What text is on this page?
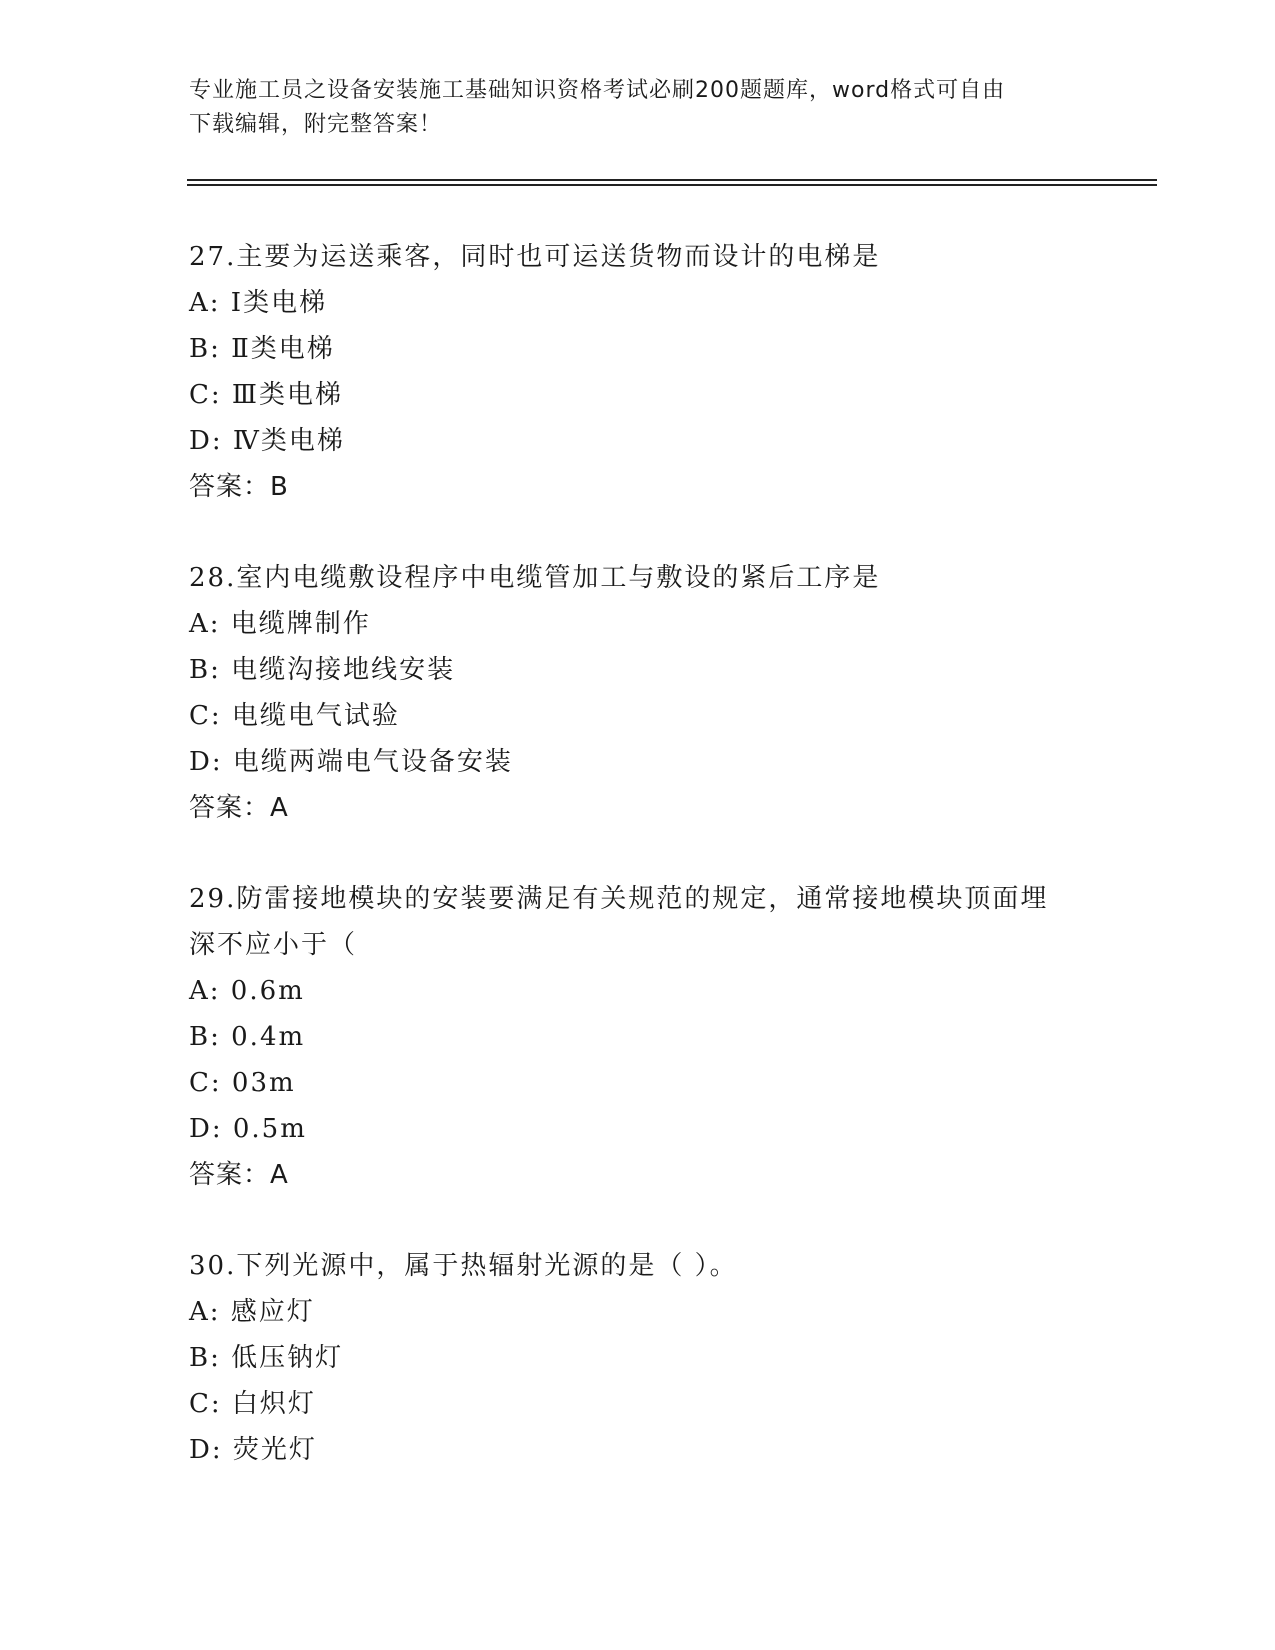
专业施工员之设备安装施工基础知识资格考试必刷200题题库，word格式可自由
下载编辑，附完整答案！

27.主要为运送乘客，同时也可运送货物而设计的电梯是

A: Ⅰ类电梯

B: Ⅱ类电梯

C: Ⅲ类电梯

D: Ⅳ类电梯

答案：B

28.室内电缆敷设程序中电缆管加工与敷设的紧后工序是

A: 电缆牌制作

B: 电缆沟接地线安装

C: 电缆电气试验

D: 电缆两端电气设备安装

答案：A

29.防雷接地模块的安装要满足有关规范的规定，通常接地模块顶面埋

深不应小于（

A: 0.6m

B: 0.4m

C: 03m

D: 0.5m

答案：A

30.下列光源中，属于热辐射光源的是（ ）。

A: 感应灯

B: 低压钠灯

C: 白炽灯

D: 荧光灯
